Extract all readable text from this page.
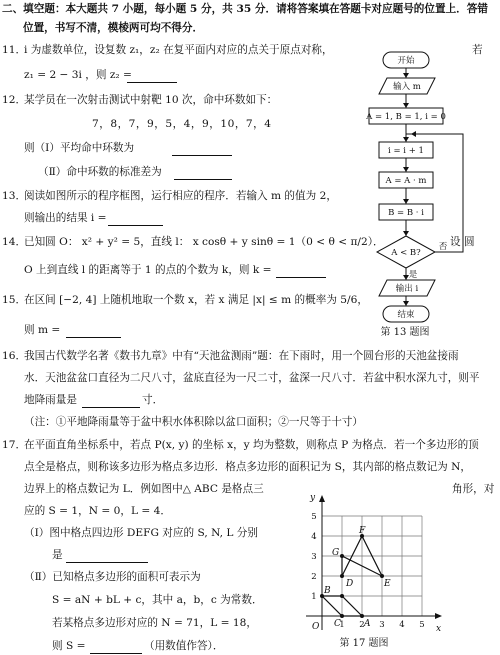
二、填空题：本大题共 7 小题，每小题 5 分，共 35 分．请将答案填在答题卡对应题号的位置上．答错
位置，书写不清，模棱两可均不得分．
11．
i 为虚数单位，设复数 z₁，z₂ 在复平面内对应的点关于原点对称，	若
z₁ = 2 − 3i ，则 z₂ =
12．
某学员在一次射击测试中射靶 10 次，命中环数如下：
7，8，7，9，5，4，9，10，7，4
则（Ⅰ）平均命中环数为
（Ⅱ）命中环数的标准差为
13．
阅读如图所示的程序框图，运行相应的程序．若输入 m 的值为 2，
则输出的结果 i =
开始
输入 m
A = 1, B = 1, i = 0
i = i + 1
A = A · m
B = B · i
A < B?
是
否
输出 i
结束
第 13 题图
14．
已知圆 O： x² + y² = 5，直线 l： x cosθ + y sinθ = 1（0 < θ < π/2）．	设 圆
O 上到直线 l 的距离等于 1 的点的个数为 k，则 k =
15．
在区间 [−2, 4] 上随机地取一个数 x，若 x 满足 |x| ≤ m 的概率为 5/6，
则 m =
16．
我国古代数学名著《数书九章》中有“天池盆测雨”题：在下雨时，用一个圆台形的天池盆接雨
水．天池盆盆口直径为二尺八寸，盆底直径为一尺二寸，盆深一尺八寸．若盆中积水深九寸，则平
地降雨量是	寸．
（注：①平地降雨量等于盆中积水体积除以盆口面积；②一尺等于十寸）
17．
在平面直角坐标系中，若点 P(x, y) 的坐标 x，y 均为整数，则称点 P 为格点．若一个多边形的顶
点全是格点，则称该多边形为格点多边形．格点多边形的面积记为 S，其内部的格点数记为 N，
边界上的格点数记为 L．例如图中△ ABC 是格点三	角形，对
应的 S = 1，N = 0，L = 4．
（Ⅰ）图中格点四边形 DEFG 对应的 S, N, L 分别
是
（Ⅱ）已知格点多边形的面积可表示为
S = aN + bL + c，其中 a，b，c 为常数．
若某格点多边形对应的 N = 71，L = 18，
则 S =	（用数值作答）．
y
x
O	A
B
C
D	E
F
G
1 2 3 4 5
1
2
3
4
5
第 17 题图
